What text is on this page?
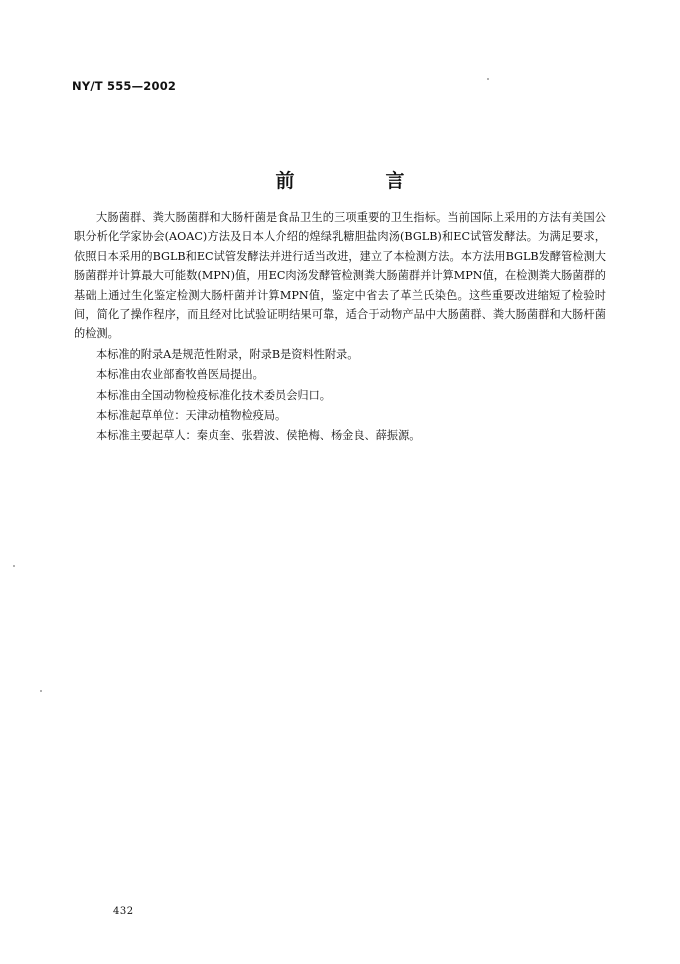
NY/T 555—2002
前　言

大肠菌群、粪大肠菌群和大肠杆菌是食品卫生的三项重要的卫生指标。当前国际上采用的方法有美国公职分析化学家协会(AOAC)方法及日本人介绍的煌绿乳糖胆盐肉汤(BGLB)和EC试管发酵法。为满足要求，依照日本采用的BGLB和EC试管发酵法并进行适当改进，建立了本检测方法。本方法用BGLB发酵管检测大肠菌群并计算最大可能数(MPN)值，用EC肉汤发酵管检测粪大肠菌群并计算MPN值，在检测粪大肠菌群的基础上通过生化鉴定检测大肠杆菌并计算MPN值，鉴定中省去了革兰氏染色。这些重要改进缩短了检验时间，简化了操作程序，而且经对比试验证明结果可靠，适合于动物产品中大肠菌群、粪大肠菌群和大肠杆菌的检测。

本标准的附录A是规范性附录，附录B是资料性附录。

本标准由农业部畜牧兽医局提出。

本标准由全国动物检疫标准化技术委员会归口。

本标准起草单位：天津动植物检疫局。

本标准主要起草人：秦贞奎、张碧波、侯艳梅、杨金良、薛振源。

432
